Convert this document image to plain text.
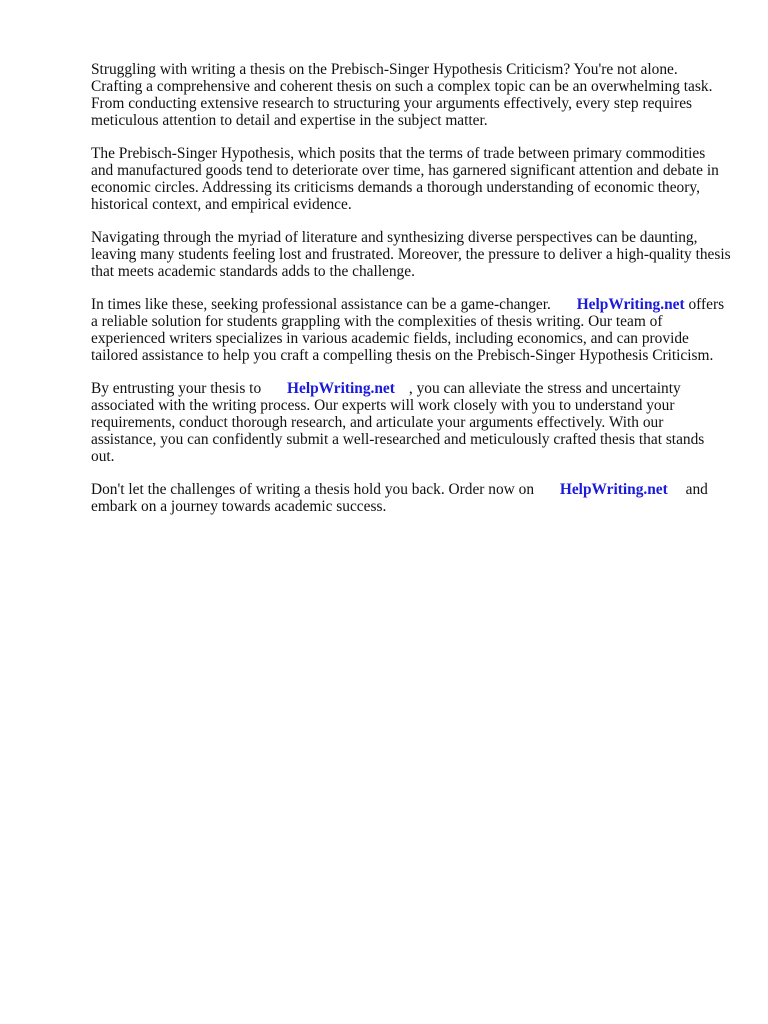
Struggling with writing a thesis on the Prebisch-Singer Hypothesis Criticism? You're not alone. Crafting a comprehensive and coherent thesis on such a complex topic can be an overwhelming task. From conducting extensive research to structuring your arguments effectively, every step requires meticulous attention to detail and expertise in the subject matter.

The Prebisch-Singer Hypothesis, which posits that the terms of trade between primary commodities and manufactured goods tend to deteriorate over time, has garnered significant attention and debate in economic circles. Addressing its criticisms demands a thorough understanding of economic theory, historical context, and empirical evidence.

Navigating through the myriad of literature and synthesizing diverse perspectives can be daunting, leaving many students feeling lost and frustrated. Moreover, the pressure to deliver a high-quality thesis that meets academic standards adds to the challenge.

In times like these, seeking professional assistance can be a game-changer. HelpWriting.net offers a reliable solution for students grappling with the complexities of thesis writing. Our team of experienced writers specializes in various academic fields, including economics, and can provide tailored assistance to help you craft a compelling thesis on the Prebisch-Singer Hypothesis Criticism.

By entrusting your thesis to HelpWriting.net , you can alleviate the stress and uncertainty associated with the writing process. Our experts will work closely with you to understand your requirements, conduct thorough research, and articulate your arguments effectively. With our assistance, you can confidently submit a well-researched and meticulously crafted thesis that stands out.

Don't let the challenges of writing a thesis hold you back. Order now on HelpWriting.net and embark on a journey towards academic success.
